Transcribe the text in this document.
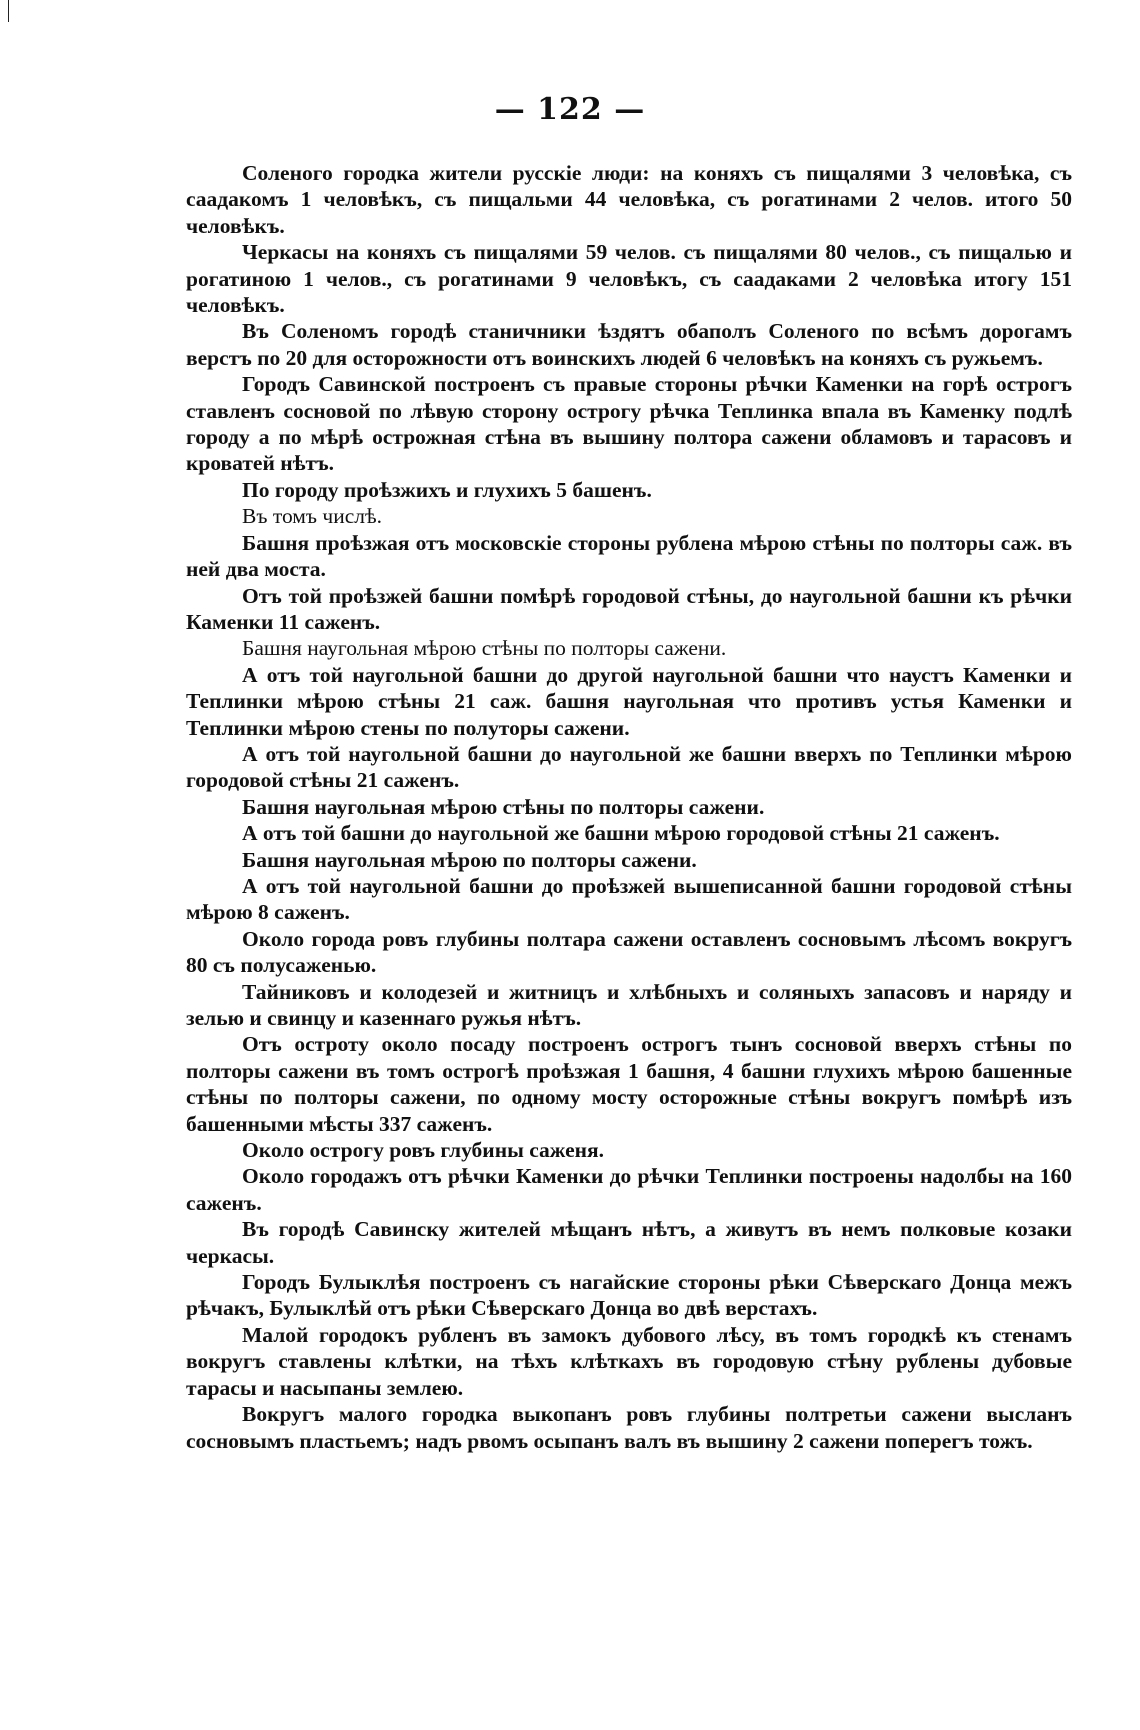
— 122 —

Соленого городка жители русскіе люди: на коняхъ съ пищалями 3 человѣка, съ саадакомъ 1 человѣкъ, съ пищальми 44 человѣка, съ рогатинами 2 челов. итого 50 человѣкъ.

Черкасы на коняхъ съ пищалями 59 челов. съ пищалями 80 челов., съ пищалью и рогатиною 1 челов., съ рогатинами 9 человѣкъ, съ саадаками 2 человѣка итогу 151 человѣкъ.

Въ Соленомъ городѣ станичники ѣздятъ обаполъ Соленого по всѣмъ дорогамъ верстъ по 20 для осторожности отъ воинскихъ людей 6 человѣкъ на коняхъ съ ружьемъ.

Городъ Савинской построенъ съ правые стороны рѣчки Каменки на горѣ острогъ ставленъ сосновой по лѣвую сторону острогу рѣчка Теплинка впала въ Каменку подлѣ городу а по мѣрѣ острожная стѣна въ вышину полтора сажени обламовъ и тарасовъ и кроватей нѣтъ.

По городу проѣзжихъ и глухихъ 5 башенъ.

Въ томъ числѣ.

Башня проѣзжая отъ московскіе стороны рублена мѣрою стѣны по полторы саж. въ ней два моста.

Отъ той проѣзжей башни помѣрѣ городовой стѣны, до наугольной башни къ рѣчки Каменки 11 саженъ.

Башня наугольная мѣрою стѣны по полторы сажени.

А отъ той наугольной башни до другой наугольной башни что наустъ Каменки и Теплинки мѣрою стѣны 21 саж. башня наугольная что противъ устья Каменки и Теплинки мѣрою стены по полуторы сажени.

А отъ той наугольной башни до наугольной же башни вверхъ по Теплинки мѣрою городовой стѣны 21 саженъ.

Башня наугольная мѣрою стѣны по полторы сажени.

А отъ той башни до наугольной же башни мѣрою городовой стѣны 21 саженъ.

Башня наугольная мѣрою по полторы сажени.

А отъ той наугольной башни до проѣзжей вышеписанной башни городовой стѣны мѣрою 8 саженъ.

Около города ровъ глубины полтара сажени оставленъ сосновымъ лѣсомъ вокругъ 80 съ полусаженью.

Тайниковъ и колодезей и житницъ и хлѣбныхъ и соляныхъ запасовъ и наряду и зелью и свинцу и казеннаго ружья нѣтъ.

Отъ остроту около посаду построенъ острогъ тынъ сосновой вверхъ стѣны по полторы сажени въ томъ острогѣ проѣзжая 1 башня, 4 башни глухихъ мѣрою башенные стѣны по полторы сажени, по одному мосту осторожные стѣны вокругъ помѣрѣ изъ башенными мѣсты 337 саженъ.

Около острогу ровъ глубины саженя.

Около городажъ отъ рѣчки Каменки до рѣчки Теплинки построены надолбы на 160 саженъ.

Въ городѣ Савинску жителей мѣщанъ нѣтъ, а живутъ въ немъ полковые козаки черкасы.

Городъ Булыклѣя построенъ съ нагайские стороны рѣки Сѣверскаго Донца межъ рѣчакъ, Булыклѣй отъ рѣки Сѣверскаго Донца во двѣ верстахъ.

Малой городокъ рубленъ въ замокъ дубового лѣсу, въ томъ городкѣ къ стенамъ вокругъ ставлены клѣтки, на тѣхъ клѣткахъ въ городовую стѣну рублены дубовые тарасы и насыпаны землею.

Вокругъ малого городка выкопанъ ровъ глубины полтретьи сажени высланъ сосновымъ пластьемъ; надъ рвомъ осыпанъ валъ въ вышину 2 сажени поперегъ тожъ.
